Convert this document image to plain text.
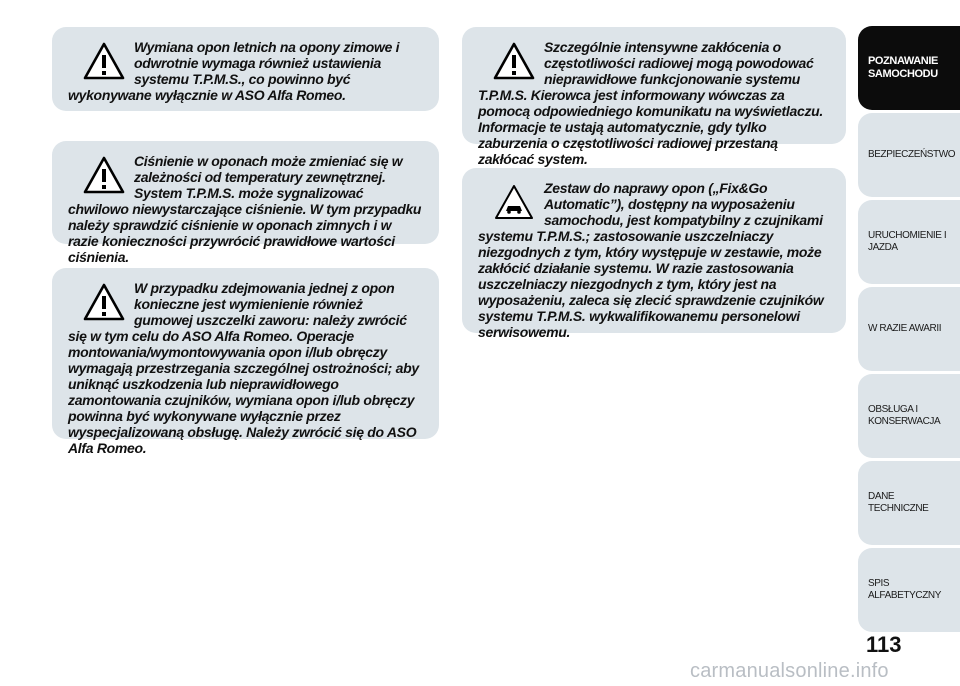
Wymiana opon letnich na opony zimowe i odwrotnie wymaga również ustawienia systemu T.P.M.S., co powinno być wykonywane wyłącznie w ASO Alfa Romeo.

Ciśnienie w oponach może zmieniać się w zależności od temperatury zewnętrznej. System T.P.M.S. może sygnalizować chwilowo niewystarczające ciśnienie. W tym przypadku należy sprawdzić ciśnienie w oponach zimnych i w razie konieczności przywrócić prawidłowe wartości ciśnienia.

W przypadku zdejmowania jednej z opon konieczne jest wymienienie również gumowej uszczelki zaworu: należy zwrócić się w tym celu do ASO Alfa Romeo. Operacje montowania/wymontowywania opon i/lub obręczy wymagają przestrzegania szczególnej ostrożności; aby uniknąć uszkodzenia lub nieprawidłowego zamontowania czujników, wymiana opon i/lub obręczy powinna być wykonywane wyłącznie przez wyspecjalizowaną obsługę. Należy zwrócić się do ASO Alfa Romeo.

Szczególnie intensywne zakłócenia o częstotliwości radiowej mogą powodować nieprawidłowe funkcjonowanie systemu T.P.M.S. Kierowca jest informowany wówczas za pomocą odpowiedniego komunikatu na wyświetlaczu. Informacje te ustają automatycznie, gdy tylko zaburzenia o częstotliwości radiowej przestaną zakłócać system.

Zestaw do naprawy opon („Fix&Go Automatic”), dostępny na wyposażeniu samochodu, jest kompatybilny z czujnikami systemu T.P.M.S.; zastosowanie uszczelniaczy niezgodnych z tym, który występuje w zestawie, może zakłócić działanie systemu. W razie zastosowania uszczelniaczy niezgodnych z tym, który jest na wyposażeniu, zaleca się zlecić sprawdzenie czujników systemu T.P.M.S. wykwalifikowanemu personelowi serwisowemu.

POZNAWANIE SAMOCHODU
BEZPIECZEŃSTWO
URUCHOMIENIE I JAZDA
W RAZIE AWARII
OBSŁUGA I KONSERWACJA
DANE TECHNICZNE
SPIS ALFABETYCZNY
113
carmanualsonline.info
